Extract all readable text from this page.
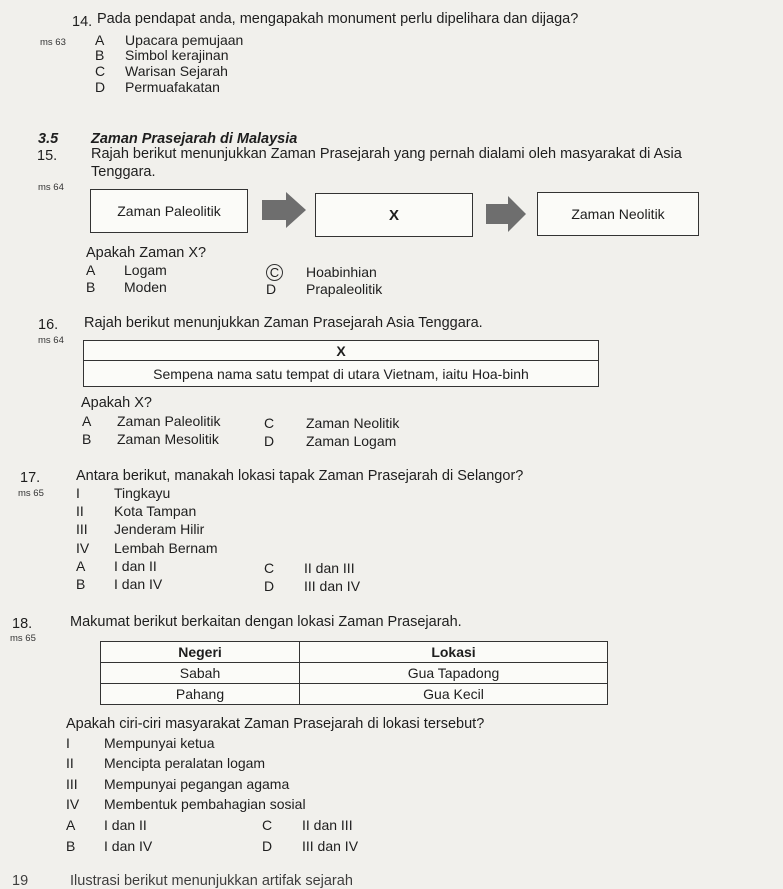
14.
ms 63
Pada pendapat anda, mengapakah monument perlu dipelihara dan dijaga?
A Upacara pemujaan
B Simbol kerajinan
C Warisan Sejarah
D Permuafakatan
3.5 Zaman Prasejarah di Malaysia
15. Rajah berikut menunjukkan Zaman Prasejarah yang pernah dialami oleh masyarakat di Asia
Tenggara.
ms 64
Zaman Paleolitik	X	Zaman Neolitik
Apakah Zaman X?
A Logam
B Moden
C Hoabinhian
D Prapaleolitik
16.
ms 64
Rajah berikut menunjukkan Zaman Prasejarah Asia Tenggara.
X
Sempena nama satu tempat di utara Vietnam, iaitu Hoa-binh
Apakah X?
A Zaman Paleolitik
B Zaman Mesolitik
C Zaman Neolitik
D Zaman Logam
17.
ms 65
Antara berikut, manakah lokasi tapak Zaman Prasejarah di Selangor?
I Tingkayu
II Kota Tampan
III Jenderam Hilir
IV Lembah Bernam
A I dan II
B I dan IV
C II dan III
D III dan IV
18.
ms 65
Makumat berikut berkaitan dengan lokasi Zaman Prasejarah.
Negeri	Lokasi
Sabah	Gua Tapadong
Pahang	Gua Kecil
Apakah ciri-ciri masyarakat Zaman Prasejarah di lokasi tersebut?
I Mempunyai ketua
II Mencipta peralatan logam
III Mempunyai pegangan agama
IV Membentuk pembahagian sosial
A I dan II
B I dan IV
C II dan III
D III dan IV
19	Ilustrasi berikut menunjukkan artifak sejarah
